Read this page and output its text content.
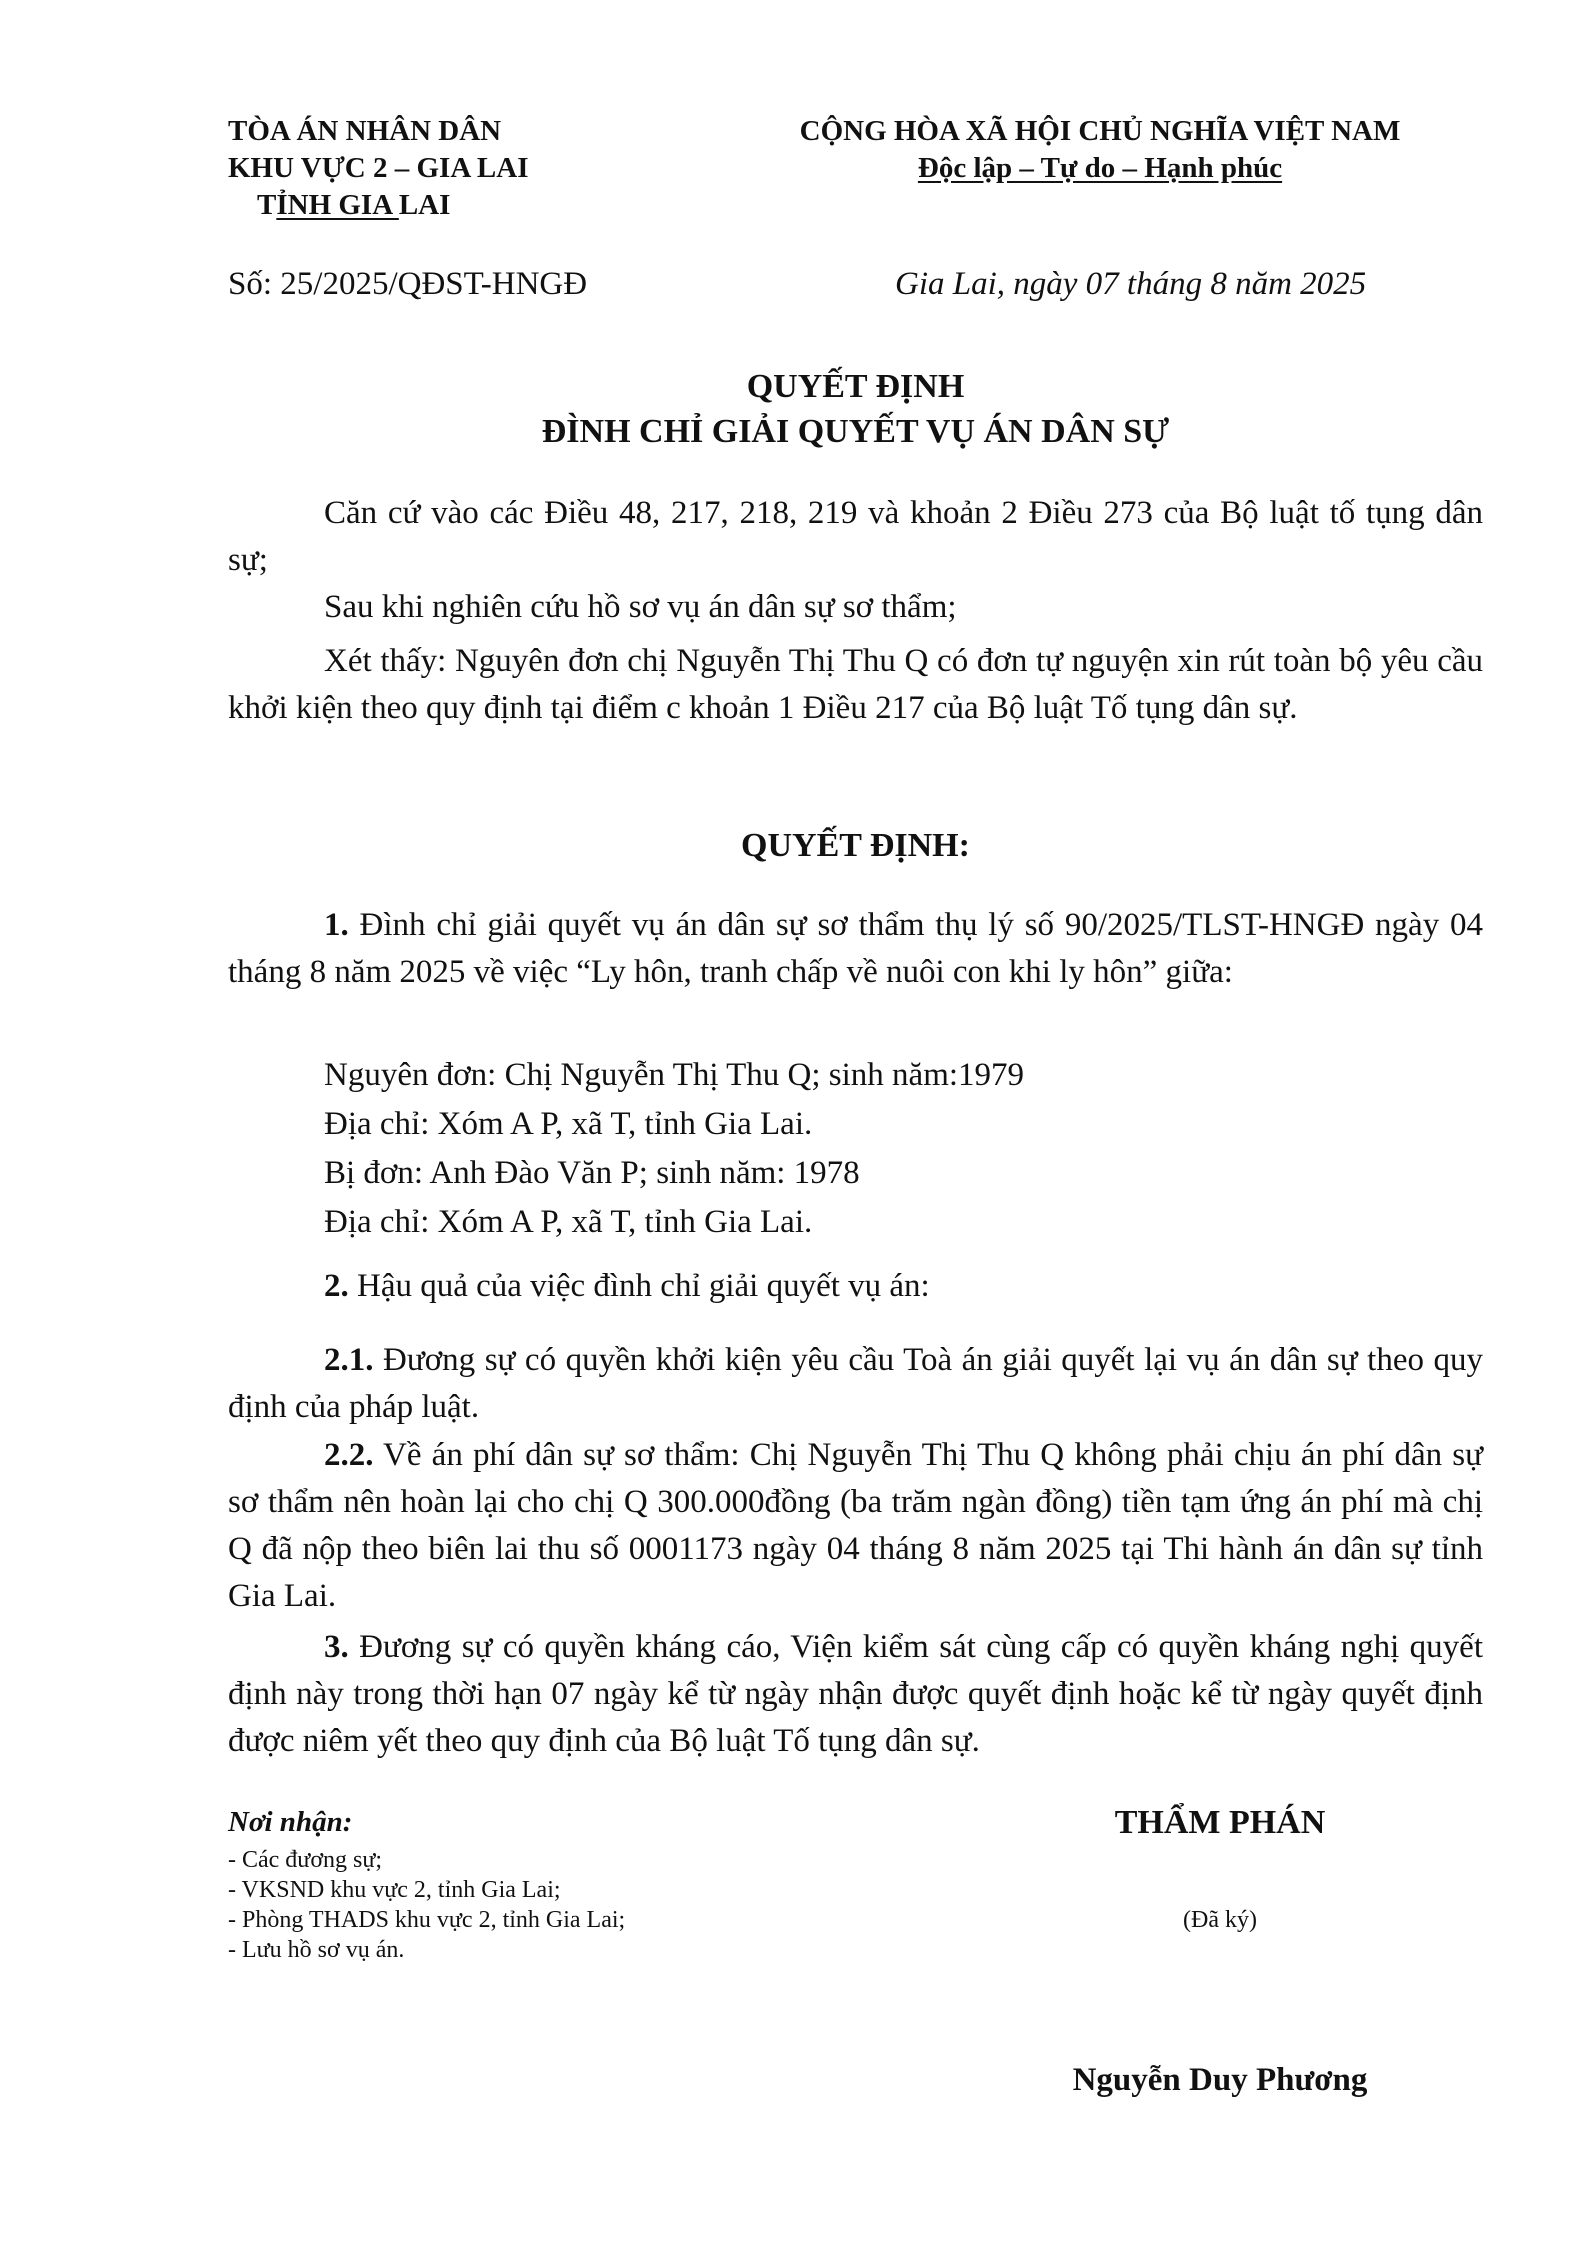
TÒA ÁN NHÂN DÂN
KHU VỰC 2 – GIA LAI
TỈNH GIA LAI
CỘNG HÒA XÃ HỘI CHỦ NGHĨA VIỆT NAM
Độc lập – Tự do – Hạnh phúc
Số: 25/2025/QĐST-HNGĐ	Gia Lai, ngày 07 tháng 8 năm 2025
QUYẾT ĐỊNH
ĐÌNH CHỈ GIẢI QUYẾT VỤ ÁN DÂN SỰ
Căn cứ vào các Điều 48, 217, 218, 219 và khoản 2 Điều 273 của Bộ luật tố tụng dân sự;
Sau khi nghiên cứu hồ sơ vụ án dân sự sơ thẩm;
Xét thấy: Nguyên đơn chị Nguyễn Thị Thu Q có đơn tự nguyện xin rút toàn bộ yêu cầu khởi kiện theo quy định tại điểm c khoản 1 Điều 217 của Bộ luật Tố tụng dân sự.
QUYẾT ĐỊNH:
1. Đình chỉ giải quyết vụ án dân sự sơ thẩm thụ lý số 90/2025/TLST-HNGĐ ngày 04 tháng 8 năm 2025 về việc “Ly hôn, tranh chấp về nuôi con khi ly hôn” giữa:
Nguyên đơn: Chị Nguyễn Thị Thu Q; sinh năm:1979
Địa chỉ: Xóm A P, xã T, tỉnh Gia Lai.
Bị đơn: Anh Đào Văn P; sinh năm: 1978
Địa chỉ: Xóm A P, xã T, tỉnh Gia Lai.
2. Hậu quả của việc đình chỉ giải quyết vụ án:
2.1. Đương sự có quyền khởi kiện yêu cầu Toà án giải quyết lại vụ án dân sự theo quy định của pháp luật.
2.2. Về án phí dân sự sơ thẩm: Chị Nguyễn Thị Thu Q không phải chịu án phí dân sự sơ thẩm nên hoàn lại cho chị Q 300.000đồng (ba trăm ngàn đồng) tiền tạm ứng án phí mà chị Q đã nộp theo biên lai thu số 0001173 ngày 04 tháng 8 năm 2025 tại Thi hành án dân sự tỉnh Gia Lai.
3. Đương sự có quyền kháng cáo, Viện kiểm sát cùng cấp có quyền kháng nghị quyết định này trong thời hạn 07 ngày kể từ ngày nhận được quyết định hoặc kể từ ngày quyết định được niêm yết theo quy định của Bộ luật Tố tụng dân sự.
Nơi nhận:
- Các đương sự;
- VKSND khu vực 2, tỉnh Gia Lai;
- Phòng THADS khu vực 2, tỉnh Gia Lai;
- Lưu hồ sơ vụ án.
THẨM PHÁN
(Đã ký)
Nguyễn Duy Phương
